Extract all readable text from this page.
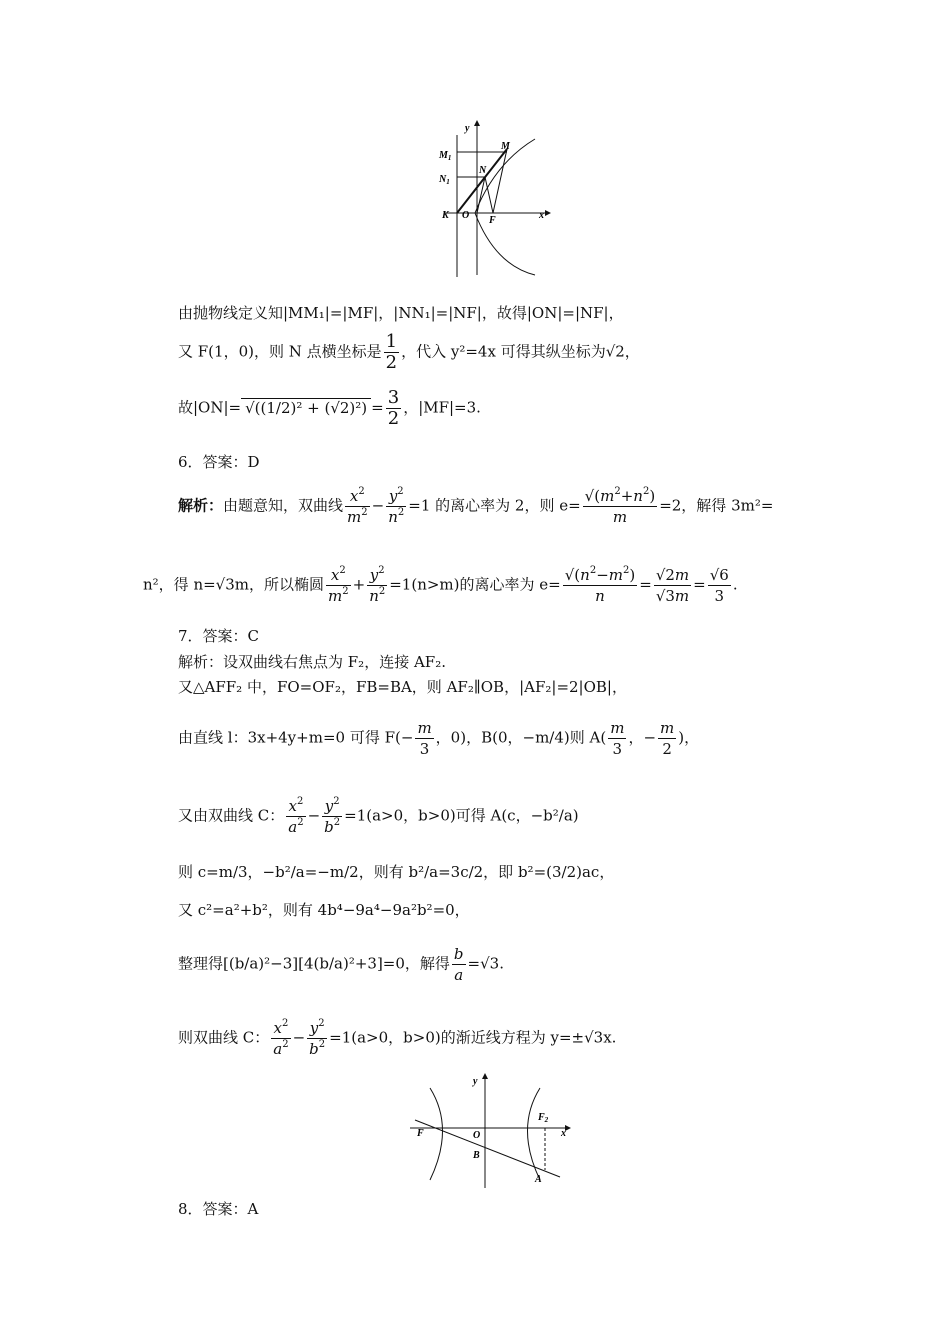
y
x
M
$M_1$
N
$N_1$
K O F
由抛物线定义知|MM₁|=|MF|，|NN₁|=|NF|，故得|ON|=|NF|，
又 F(1，0)，则 N 点横坐标是 $\frac{1}{2}$ ，代入 y²=4x 可得其纵坐标为√2，
故$|ON|= √((1/2)^2 + (√2)^2) = \frac{3}{2}$ ，|MF|=3.
6．答案：D
解析：由题意知，双曲线 $\frac{x^2}{m^2} - \frac{y^2}{n^2} =1$ 的离心率为 2，则 $e= \frac{√(m^2+n^2)}{m} =2$，解得 3m²=
n²，得 n=√3m，所以椭圆 $\frac{x^2}{m^2} + \frac{y^2}{n^2} =1(n>m)$的离心率为 $e= \frac{√(n^2-m^2)}{n} = \frac{√2m}{√3m} = \frac{√6}{3}$ .
7．答案：C
解析：设双曲线右焦点为 F₂，连接 AF₂.
又△AFF₂ 中，FO=OF₂，FB=BA，则 AF₂∥OB，|AF₂|=2|OB|，
由直线 l：3x+4y+m=0 可得 $F(- \frac{m}{3}$ ，0)，B(0，−m/4)则 $A( \frac{m}{3}$ ，− $\frac{m}{2}$ )，
又由双曲线 C： $\frac{x^2}{a^2} - \frac{y^2}{b^2} =1(a>0$，b>0)可得 A(c，−b²/a)
则 c=m/3，−b²/a=−m/2，则有 b²/a=3c/2，即 b²=(3/2)ac，
又 c²=a²+b²，则有 4b⁴−9a⁴−9a²b²=0，
整理得[(b/a)²−3][4(b/a)²+3]=0，解得 $\frac{b}{a} =√3$.
则双曲线 C： $\frac{x^2}{a^2} - \frac{y^2}{b^2} =1(a>0$，b>0)的渐近线方程为 y=±√3x.
y
x
$F_2$
F	O
B
A
8．答案：A
